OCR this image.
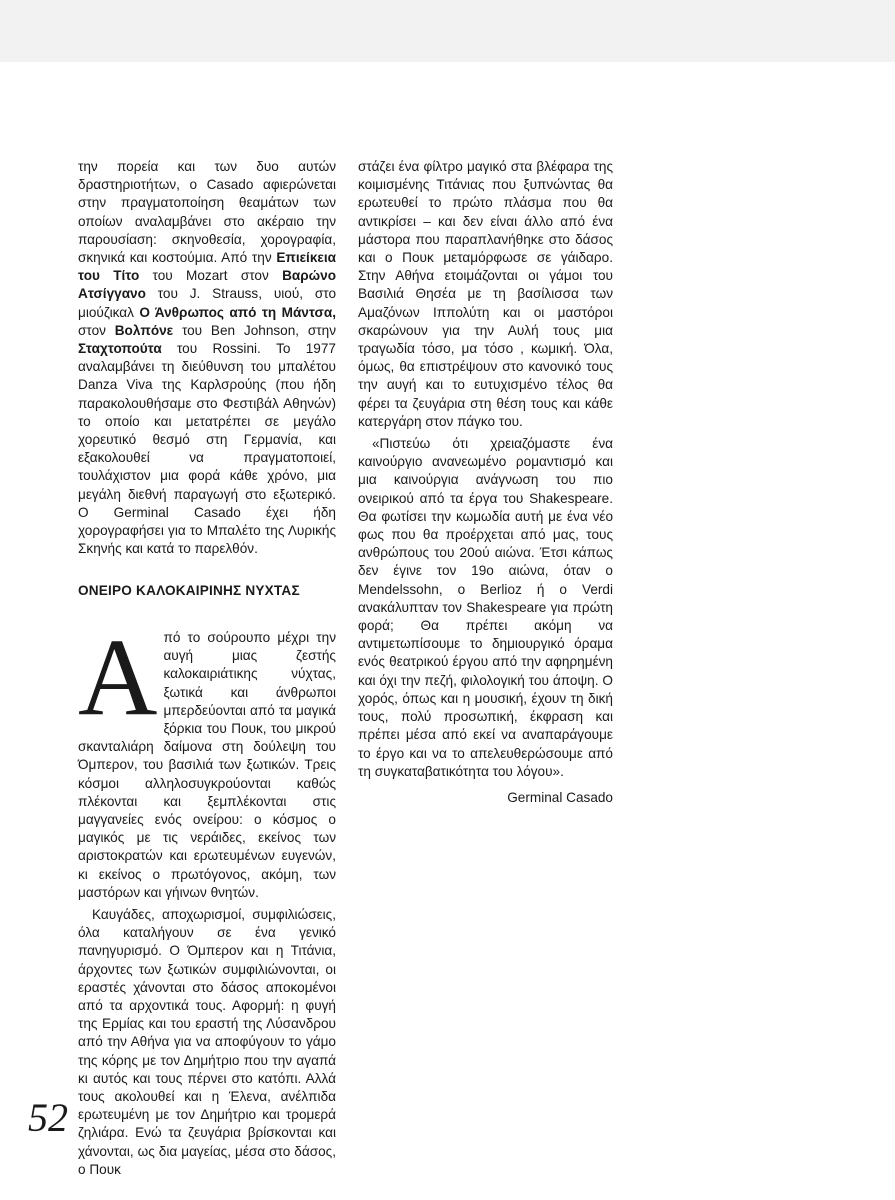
την πορεία και των δυο αυτών δραστηριοτήτων, ο Casado αφιερώνεται στην πραγματοποίηση θεαμάτων των οποίων αναλαμβάνει στο ακέραιο την παρουσίαση: σκηνοθεσία, χορογραφία, σκηνικά και κοστούμια. Από την Επιείκεια του Τίτο του Mozart στον Βαρώνο Ατσίγγανο του J. Strauss, υιού, στο μιούζικαλ Ο Άνθρωπος από τη Μάντσα, στον Βολπόνε του Ben Johnson, στην Σταχτοπούτα του Rossini. Το 1977 αναλαμβάνει τη διεύθυνση του μπαλέτου Danza Viva της Καρλσρούης (που ήδη παρακολουθήσαμε στο Φεστιβάλ Αθηνών) το οποίο και μετατρέπει σε μεγάλο χορευτικό θεσμό στη Γερμανία, και εξακολουθεί να πραγματοποιεί, τουλάχιστον μια φορά κάθε χρόνο, μια μεγάλη διεθνή παραγωγή στο εξωτερικό. Ο Germinal Casado έχει ήδη χορογραφήσει για το Μπαλέτο της Λυρικής Σκηνής και κατά το παρελθόν.

ΟΝΕΙΡΟ ΚΑΛΟΚΑΙΡΙΝΗΣ ΝΥΧΤΑΣ
Α πό το σούρουπο μέχρι την αυγή μιας ζεστής καλοκαιριάτικης νύχτας, ξωτικά και άνθρωποι μπερδεύονται από τα μαγικά ξόρκια του Πουκ, του μικρού σκανταλιάρη δαίμονα στη δούλεψη του Όμπερον, του βασιλιά των ξωτικών. Τρεις κόσμοι αλληλοσυγκρούονται καθώς πλέκονται και ξεμπλέκονται στις μαγγανείες ενός ονείρου: ο κόσμος ο μαγικός με τις νεράιδες, εκείνος των αριστοκρατών και ερωτευμένων ευγενών, κι εκείνος ο πρωτόγονος, ακόμη, των μαστόρων και γήινων θνητών.

Καυγάδες, αποχωρισμοί, συμφιλιώσεις, όλα καταλήγουν σε ένα γενικό πανηγυρισμό. Ο Όμπερον και η Τιτάνια, άρχοντες των ξωτικών συμφιλιώνονται, οι εραστές χάνονται στο δάσος αποκομένοι από τα αρχοντικά τους. Αφορμή: η φυγή της Ερμίας και του εραστή της Λύσανδρου από την Αθήνα για να αποφύγουν το γάμο της κόρης με τον Δημήτριο που την αγαπά κι αυτός και τους πέρνει στο κατόπι. Αλλά τους ακολουθεί και η Έλενα, ανέλπιδα ερωτευμένη με τον Δημήτριο και τρομερά ζηλιάρα. Ενώ τα ζευγάρια βρίσκονται και χάνονται, ως δια μαγείας, μέσα στο δάσος, ο Πουκ

στάζει ένα φίλτρο μαγικό στα βλέφαρα της κοιμισμένης Τιτάνιας που ξυπνώντας θα ερωτευθεί το πρώτο πλάσμα που θα αντικρίσει – και δεν είναι άλλο από ένα μάστορα που παραπλανήθηκε στο δάσος και ο Πουκ μεταμόρφωσε σε γάιδαρο. Στην Αθήνα ετοιμάζονται οι γάμοι του Βασιλιά Θησέα με τη βασίλισσα των Αμαζόνων Ιππολύτη και οι μαστόροι σκαρώνουν για την Αυλή τους μια τραγωδία τόσο, μα τόσο , κωμική. Όλα, όμως, θα επιστρέψουν στο κανονικό τους την αυγή και το ευτυχισμένο τέλος θα φέρει τα ζευγάρια στη θέση τους και κάθε κατεργάρη στον πάγκο του.

«Πιστεύω ότι χρειαζόμαστε ένα καινούργιο ανανεωμένο ρομαντισμό και μια καινούργια ανάγνωση του πιο ονειρικού από τα έργα του Shakespeare. Θα φωτίσει την κωμωδία αυτή με ένα νέο φως που θα προέρχεται από μας, τους ανθρώπους του 20ού αιώνα. Έτσι κάπως δεν έγινε τον 19ο αιώνα, όταν ο Mendelssohn, ο Berlioz ή ο Verdi ανακάλυπταν τον Shakespeare για πρώτη φορά; Θα πρέπει ακόμη να αντιμετωπίσουμε το δημιουργικό όραμα ενός θεατρικού έργου από την αφηρημένη και όχι την πεζή, φιλολογική του άποψη. Ο χορός, όπως και η μουσική, έχουν τη δική τους, πολύ προσωπική, έκφραση και πρέπει μέσα από εκεί να αναπαράγουμε το έργο και να το απελευθερώσουμε από τη συγκαταβατικότητα του λόγου».

Germinal Casado
52
